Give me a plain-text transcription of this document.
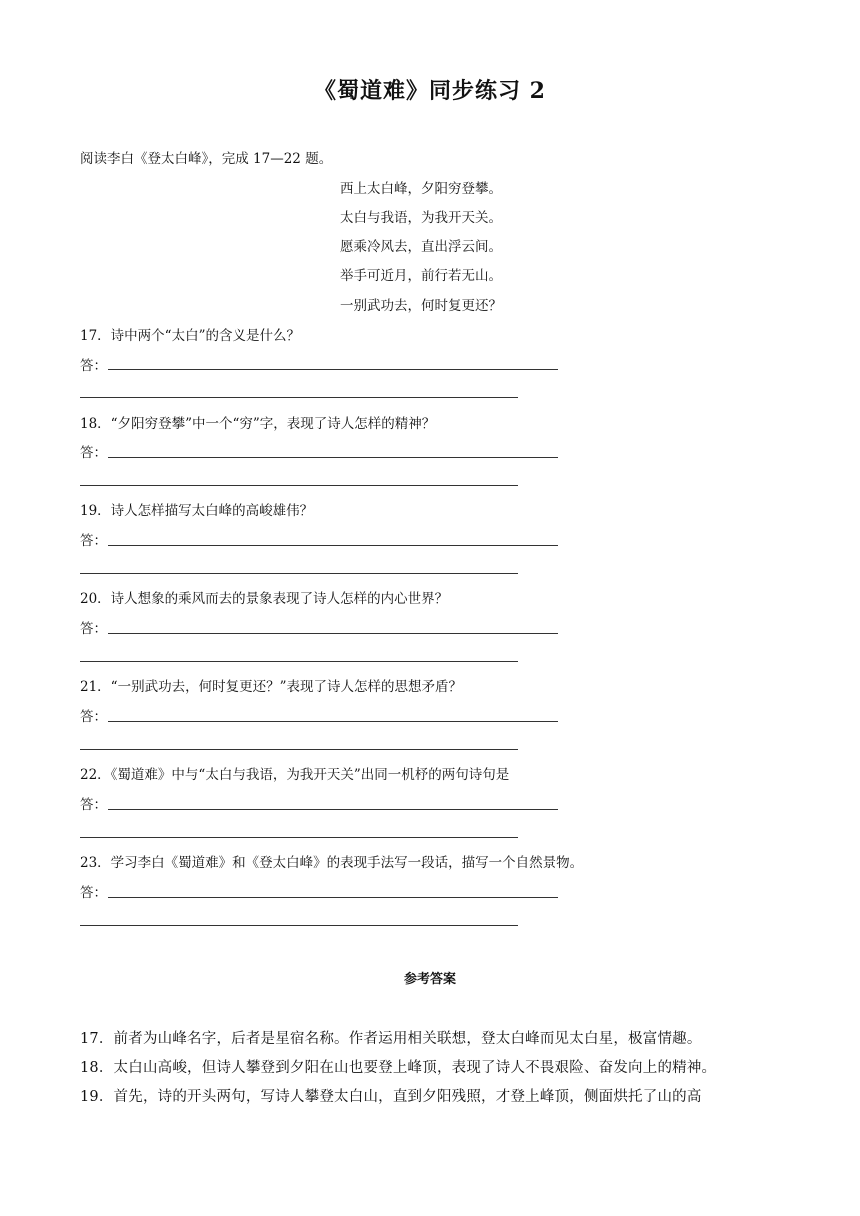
《蜀道难》同步练习 2
阅读李白《登太白峰》，完成 17—22 题。
西上太白峰，夕阳穷登攀。
太白与我语，为我开天关。
愿乘冷风去，直出浮云间。
举手可近月，前行若无山。
一别武功去，何时复更还？
17．诗中两个“太白”的含义是什么？
答：
18．“夕阳穷登攀”中一个“穷”字，表现了诗人怎样的精神？
答：
19．诗人怎样描写太白峰的高峻雄伟？
答：
20．诗人想象的乘风而去的景象表现了诗人怎样的内心世界？
答：
21．“一别武功去，何时复更还？”表现了诗人怎样的思想矛盾？
答：
22．《蜀道难》中与“太白与我语，为我开天关”出同一机杼的两句诗句是
答：
23．学习李白《蜀道难》和《登太白峰》的表现手法写一段话，描写一个自然景物。
答：
参考答案
17．前者为山峰名字，后者是星宿名称。作者运用相关联想，登太白峰而见太白星，极富情趣。
18．太白山高峻，但诗人攀登到夕阳在山也要登上峰顶，表现了诗人不畏艰险、奋发向上的精神。
19．首先，诗的开头两句，写诗人攀登太白山，直到夕阳残照，才登上峰顶，侧面烘托了山的高
